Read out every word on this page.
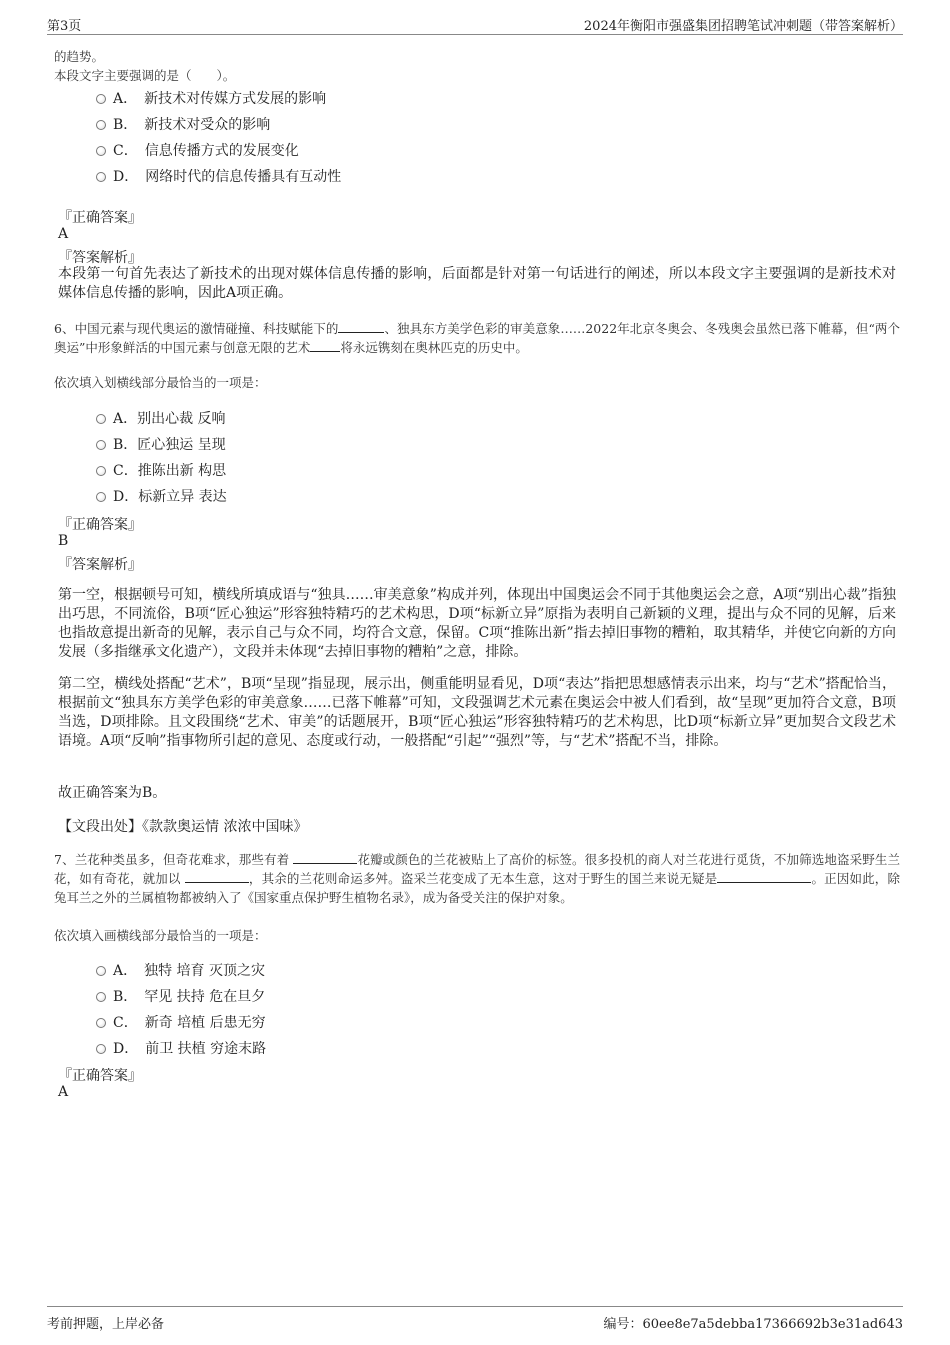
第3页	2024年衡阳市强盛集团招聘笔试冲刺题（带答案解析）
的趋势。
本段文字主要强调的是（　　）。
A．　新技术对传媒方式发展的影响
B．　新技术对受众的影响
C．　信息传播方式的发展变化
D．　网络时代的信息传播具有互动性
『正确答案』
A
『答案解析』
本段第一句首先表达了新技术的出现对媒体信息传播的影响，后面都是针对第一句话进行的阐述，所以本段文字主要强调的是新技术对媒体信息传播的影响，因此A项正确。
6、中国元素与现代奥运的激情碰撞、科技赋能下的	、独具东方美学色彩的审美意象……2022年北京冬奥会、冬残奥会虽然已落下帷幕，但“两个奥运”中形象鲜活的中国元素与创意无限的艺术 将永远镌刻在奥林匹克的历史中。
依次填入划横线部分最恰当的一项是：
A．别出心裁 反响
B．匠心独运 呈现
C．推陈出新 构思
D．标新立异 表达
『正确答案』
B
『答案解析』
第一空，根据顿号可知，横线所填成语与“独具……审美意象”构成并列，体现出中国奥运会不同于其他奥运会之意，A项“别出心裁”指独出巧思，不同流俗，B项“匠心独运”形容独特精巧的艺术构思，D项“标新立异”原指为表明自己新颖的义理，提出与众不同的见解，后来也指故意提出新奇的见解，表示自己与众不同，均符合文意，保留。C项“推陈出新”指去掉旧事物的糟粕，取其精华，并使它向新的方向发展（多指继承文化遗产），文段并未体现“去掉旧事物的糟粕”之意，排除。
第二空，横线处搭配“艺术”，B项“呈现”指显现，展示出，侧重能明显看见，D项“表达”指把思想感情表示出来，均与“艺术”搭配恰当，根据前文“独具东方美学色彩的审美意象……已落下帷幕”可知，文段强调艺术元素在奥运会中被人们看到，故“呈现”更加符合文意，B项当选，D项排除。且文段围绕“艺术、审美”的话题展开，B项“匠心独运”形容独特精巧的艺术构思，比D项“标新立异”更加契合文段艺术语境。A项“反响”指事物所引起的意见、态度或行动，一般搭配“引起”“强烈”等，与“艺术”搭配不当，排除。
故正确答案为B。
【文段出处】《款款奥运情 浓浓中国味》
7、兰花种类虽多，但奇花难求，那些有着	花瓣或颜色的兰花被贴上了高价的标签。很多投机的商人对兰花进行觅货，不加筛选地盗采野生兰花，如有奇花，就加以	，其余的兰花则命运多舛。盗采兰花变成了无本生意，这对于野生的国兰来说无疑是	。正因如此，除兔耳兰之外的兰属植物都被纳入了《国家重点保护野生植物名录》，成为备受关注的保护对象。
依次填入画横线部分最恰当的一项是：
A．　独特 培育 灭顶之灾
B．　罕见 扶持 危在旦夕
C．　新奇 培植 后患无穷
D．　前卫 扶植 穷途末路
『正确答案』
A
考前押题，上岸必备	编号：60ee8e7a5debba17366692b3e31ad643
